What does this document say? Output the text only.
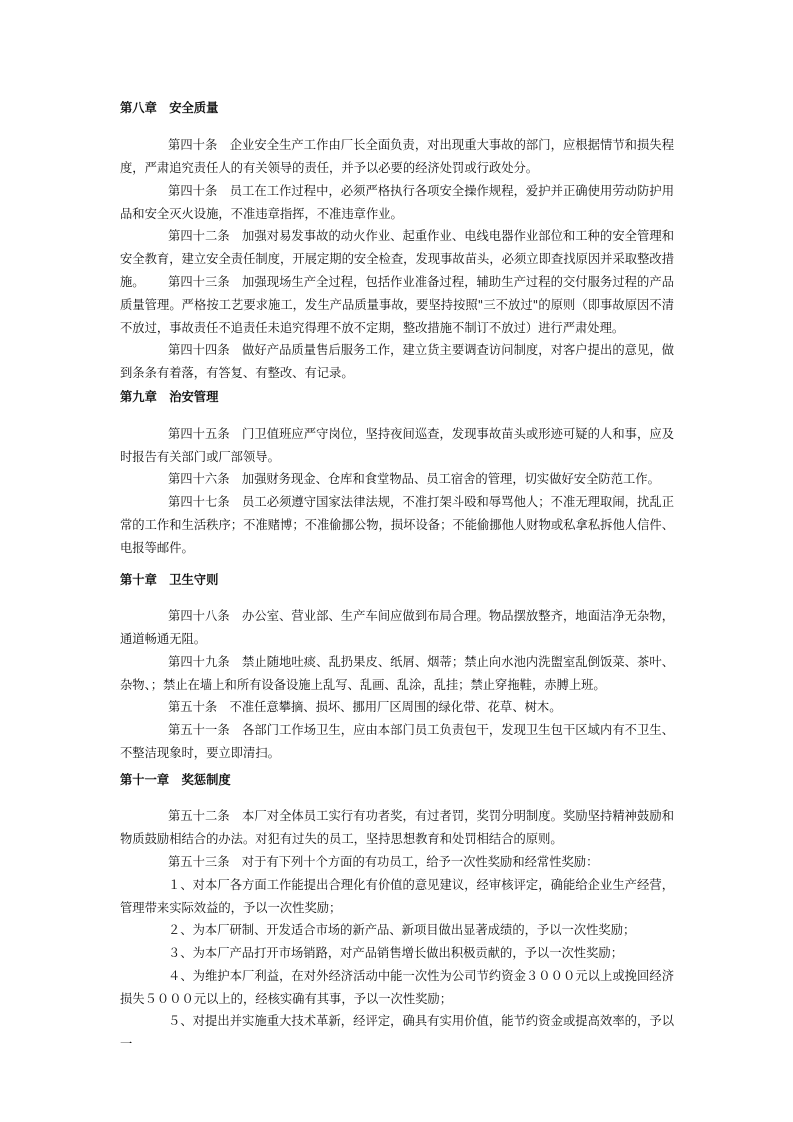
第八章　安全质量

第四十条　企业安全生产工作由厂长全面负责，对出现重大事故的部门，应根据情节和损失程度，严肃追究责任人的有关领导的责任，并予以必要的经济处罚或行政处分。

第四十条　员工在工作过程中，必须严格执行各项安全操作规程，爱护并正确使用劳动防护用品和安全灭火设施，不准违章指挥，不准违章作业。

第四十二条　加强对易发事故的动火作业、起重作业、电线电器作业部位和工种的安全管理和安全教育，建立安全责任制度，开展定期的安全检查，发现事故苗头，必须立即查找原因并采取整改措施。	第四十三条　加强现场生产全过程，包括作业准备过程，辅助生产过程的交付服务过程的产品质量管理。严格按工艺要求施工，发生产品质量事故，要坚持按照"三不放过"的原则（即事故原因不清不放过，事故责任不追责任未追究得理不放不定期，整改措施不制订不放过）进行严肃处理。

第四十四条　做好产品质量售后服务工作，建立货主要调查访问制度，对客户提出的意见，做到条条有着落，有答复、有整改、有记录。

第九章　治安管理

第四十五条　门卫值班应严守岗位，坚持夜间巡查，发现事故苗头或形迹可疑的人和事，应及时报告有关部门或厂部领导。

第四十六条　加强财务现金、仓库和食堂物品、员工宿舍的管理，切实做好安全防范工作。

第四十七条　员工必须遵守国家法律法规，不准打架斗殴和辱骂他人；不准无理取闹，扰乱正常的工作和生活秩序；不准赌博；不准偷挪公物，损坏设备；不能偷挪他人财物或私拿私拆他人信件、电报等邮件。

第十章　卫生守则

第四十八条　办公室、营业部、生产车间应做到布局合理。物品摆放整齐，地面洁净无杂物，通道畅通无阻。

第四十九条　禁止随地吐痰、乱扔果皮、纸屑、烟蒂；禁止向水池内洗盥室乱倒饭菜、茶叶、杂物、；禁止在墙上和所有设备设施上乱写、乱画、乱涂，乱挂；禁止穿拖鞋，赤膊上班。

第五十条　不准任意攀摘、损坏、挪用厂区周围的绿化带、花草、树木。

第五十一条　各部门工作场卫生，应由本部门员工负责包干，发现卫生包干区域内有不卫生、不整洁现象时，要立即清扫。

第十一章　奖惩制度

第五十二条　本厂对全体员工实行有功者奖，有过者罚，奖罚分明制度。奖励坚持精神鼓励和物质鼓励相结合的办法。对犯有过失的员工，坚持思想教育和处罚相结合的原则。

第五十三条　对于有下列十个方面的有功员工，给予一次性奖励和经常性奖励：

１、对本厂各方面工作能提出合理化有价值的意见建议，经审核评定，确能给企业生产经营，管理带来实际效益的，予以一次性奖励；

２、为本厂研制、开发适合市场的新产品、新项目做出显著成绩的，予以一次性奖励；

３、为本厂产品打开市场销路，对产品销售增长做出积极贡献的，予以一次性奖励；

４、为维护本厂利益，在对外经济活动中能一次性为公司节约资金３０００元以上或挽回经济损失５０００元以上的，经核实确有其事，予以一次性奖励；

５、对提出并实施重大技术革新，经评定，确具有实用价值，能节约资金或提高效率的，予以一
